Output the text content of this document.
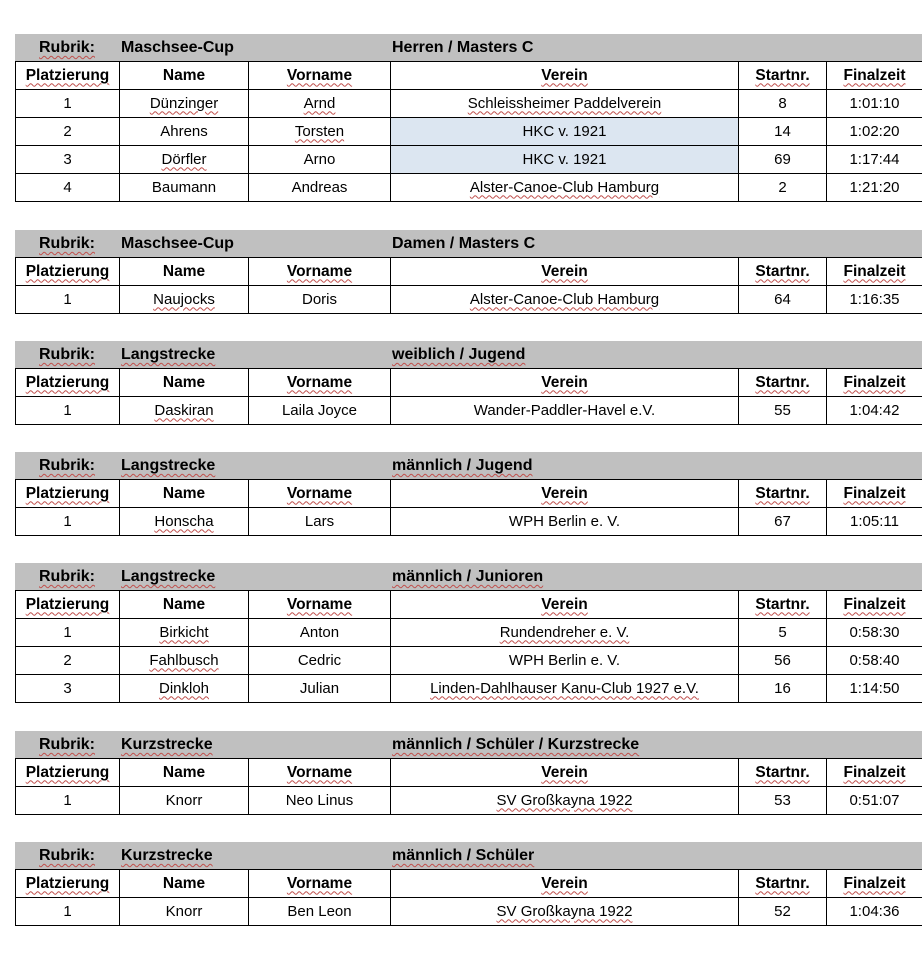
Rubrik: Maschsee-Cup	Herren / Masters C
Platzierung	Name	Vorname	Verein	Startnr.	Finalzeit
1	Dünzinger	Arnd	Schleissheimer Paddelverein	8	1:01:10
2	Ahrens	Torsten	HKC v. 1921	14	1:02:20
3	Dörfler	Arno	HKC v. 1921	69	1:17:44
4	Baumann	Andreas	Alster-Canoe-Club Hamburg	2	1:21:20
Rubrik: Maschsee-Cup	Damen / Masters C
Platzierung	Name	Vorname	Verein	Startnr.	Finalzeit
1	Naujocks	Doris	Alster-Canoe-Club Hamburg	64	1:16:35
Rubrik: Langstrecke	weiblich / Jugend
Platzierung	Name	Vorname	Verein	Startnr.	Finalzeit
1	Daskiran	Laila Joyce	Wander-Paddler-Havel e.V.	55	1:04:42
Rubrik: Langstrecke	männlich / Jugend
Platzierung	Name	Vorname	Verein	Startnr.	Finalzeit
1	Honscha	Lars	WPH Berlin e. V.	67	1:05:11
Rubrik: Langstrecke	männlich / Junioren
Platzierung	Name	Vorname	Verein	Startnr.	Finalzeit
1	Birkicht	Anton	Rundendreher e. V.	5	0:58:30
2	Fahlbusch	Cedric	WPH Berlin e. V.	56	0:58:40
3	Dinkloh	Julian	Linden-Dahlhauser Kanu-Club 1927 e.V.	16	1:14:50
Rubrik: Kurzstrecke	männlich / Schüler / Kurzstrecke
Platzierung	Name	Vorname	Verein	Startnr.	Finalzeit
1	Knorr	Neo Linus	SV Großkayna 1922	53	0:51:07
Rubrik: Kurzstrecke	männlich / Schüler
Platzierung	Name	Vorname	Verein	Startnr.	Finalzeit
1	Knorr	Ben Leon	SV Großkayna 1922	52	1:04:36
